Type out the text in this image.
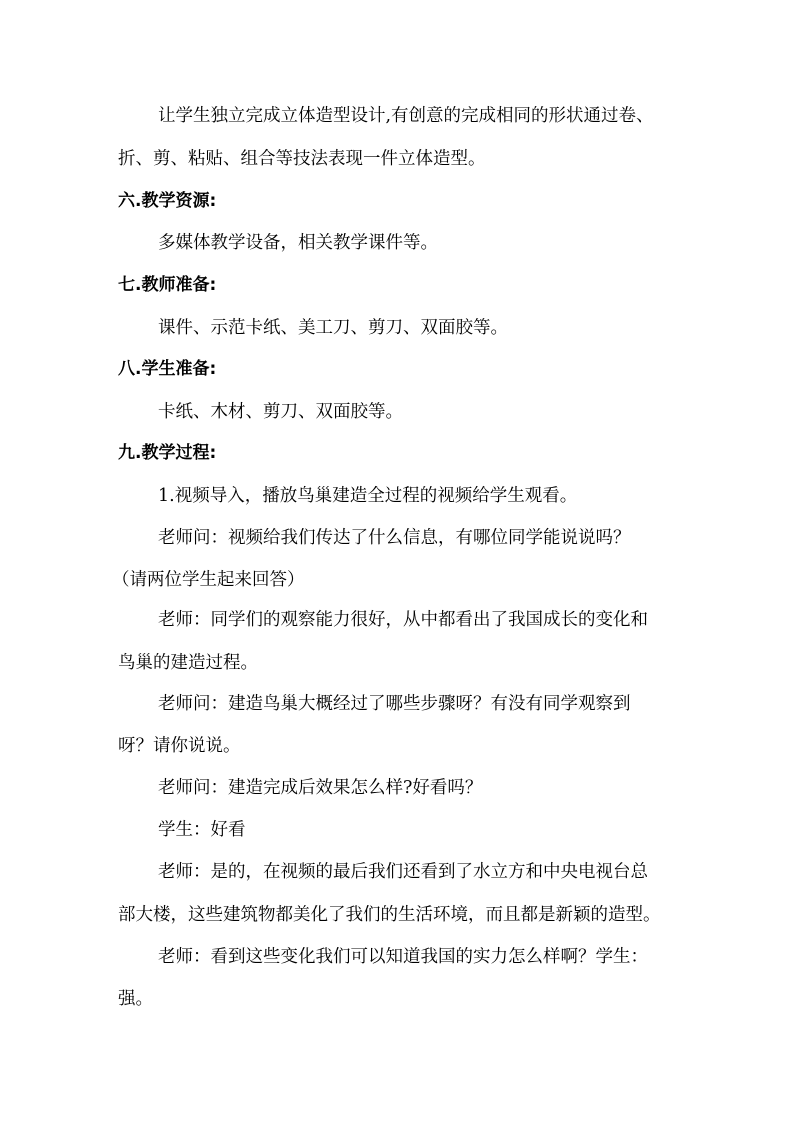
让学生独立完成立体造型设计,有创意的完成相同的形状通过卷、
折、剪、粘贴、组合等技法表现一件立体造型。
六.教学资源:
多媒体教学设备，相关教学课件等。
七.教师准备:
课件、示范卡纸、美工刀、剪刀、双面胶等。
八.学生准备:
卡纸、木材、剪刀、双面胶等。
九.教学过程:
1.视频导入，播放鸟巢建造全过程的视频给学生观看。
老师问：视频给我们传达了什么信息，有哪位同学能说说吗？
（请两位学生起来回答）
老师：同学们的观察能力很好，从中都看出了我国成长的变化和
鸟巢的建造过程。
老师问：建造鸟巢大概经过了哪些步骤呀？有没有同学观察到
呀？请你说说。
老师问：建造完成后效果怎么样?好看吗？
学生：好看
老师：是的，在视频的最后我们还看到了水立方和中央电视台总
部大楼，这些建筑物都美化了我们的生活环境，而且都是新颖的造型。
老师：看到这些变化我们可以知道我国的实力怎么样啊？学生：
强。
